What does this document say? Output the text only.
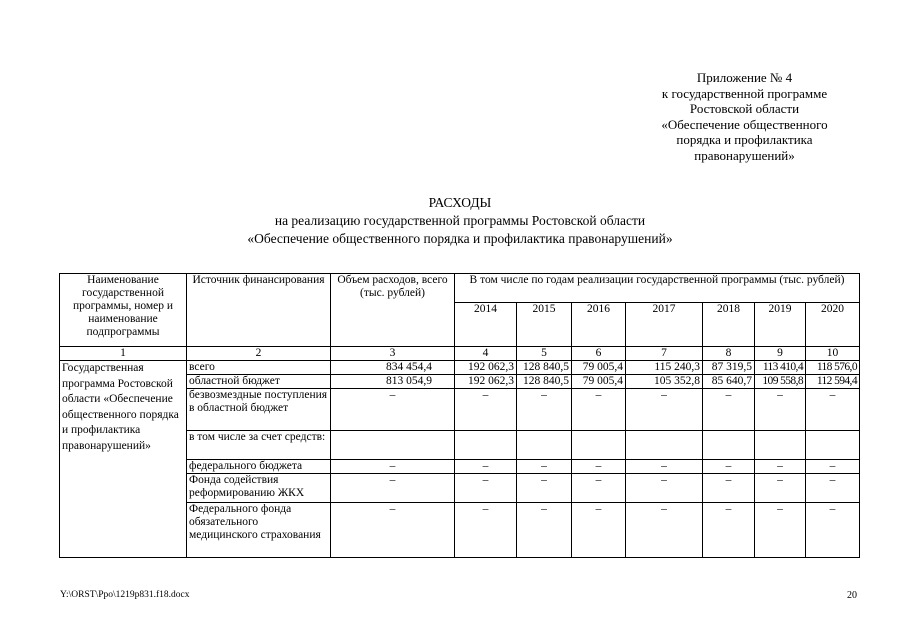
Приложение № 4
к государственной программе
Ростовской области
«Обеспечение общественного
порядка и профилактика
правонарушений»
РАСХОДЫ
на реализацию государственной программы Ростовской области
«Обеспечение общественного порядка и профилактика правонарушений»
Наименование государственной программы, номер и наименование подпрограммы	Источник финансирования	Объем расходов, всего (тыс. рублей)	В том числе по годам реализации государственной программы (тыс. рублей)						
			2014	2015	2016	2017	2018	2019	2020
1	2	3	4	5	6	7	8	9	10
Государственная программа Ростовской области «Обеспечение общественного порядка и профилактика правонарушений»	всего	834 454,4	192 062,3	128 840,5	79 005,4	115 240,3	87 319,5	113 410,4	118 576,0
	областной бюджет	813 054,9	192 062,3	128 840,5	79 005,4	105 352,8	85 640,7	109 558,8	112 594,4
	безвозмездные поступления в областной бюджет	–	–	–	–	–	–	–	–
	в том числе за счет средств:								
	федерального бюджета	–	–	–	–	–	–	–	–
	Фонда содействия реформированию ЖКХ	–	–	–	–	–	–	–	–
	Федерального фонда обязательного медицинского страхования	–	–	–	–	–	–	–	–
Y:\ORST\Ppo\1219p831.f18.docx	20
